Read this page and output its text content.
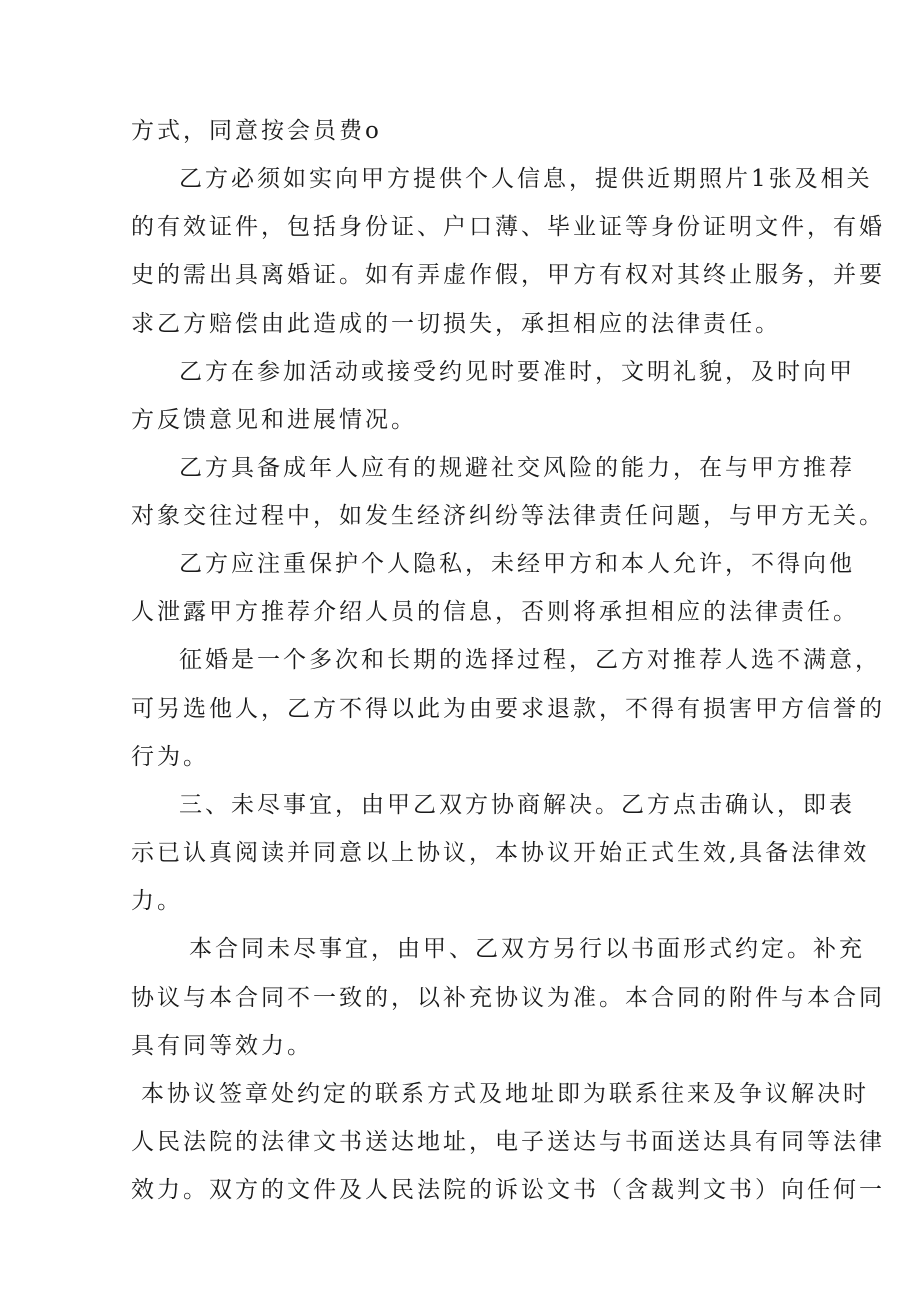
方式，同意按会员费o
乙方必须如实向甲方提供个人信息，提供近期照片1张及相关
的有效证件，包括身份证、户口薄、毕业证等身份证明文件，有婚
史的需出具离婚证。如有弄虚作假，甲方有权对其终止服务，并要
求乙方赔偿由此造成的一切损失，承担相应的法律责任。
乙方在参加活动或接受约见时要准时，文明礼貌，及时向甲
方反馈意见和进展情况。
乙方具备成年人应有的规避社交风险的能力，在与甲方推荐
对象交往过程中，如发生经济纠纷等法律责任问题，与甲方无关。
乙方应注重保护个人隐私，未经甲方和本人允许，不得向他
人泄露甲方推荐介绍人员的信息，否则将承担相应的法律责任。
征婚是一个多次和长期的选择过程，乙方对推荐人选不满意，
可另选他人，乙方不得以此为由要求退款，不得有损害甲方信誉的
行为。
三、未尽事宜，由甲乙双方协商解决。乙方点击确认，即表
示已认真阅读并同意以上协议，本协议开始正式生效,具备法律效
力。
本合同未尽事宜，由甲、乙双方另行以书面形式约定。补充
协议与本合同不一致的，以补充协议为准。本合同的附件与本合同
具有同等效力。
本协议签章处约定的联系方式及地址即为联系往来及争议解决时
人民法院的法律文书送达地址，电子送达与书面送达具有同等法律
效力。双方的文件及人民法院的诉讼文书（含裁判文书）向任何一
